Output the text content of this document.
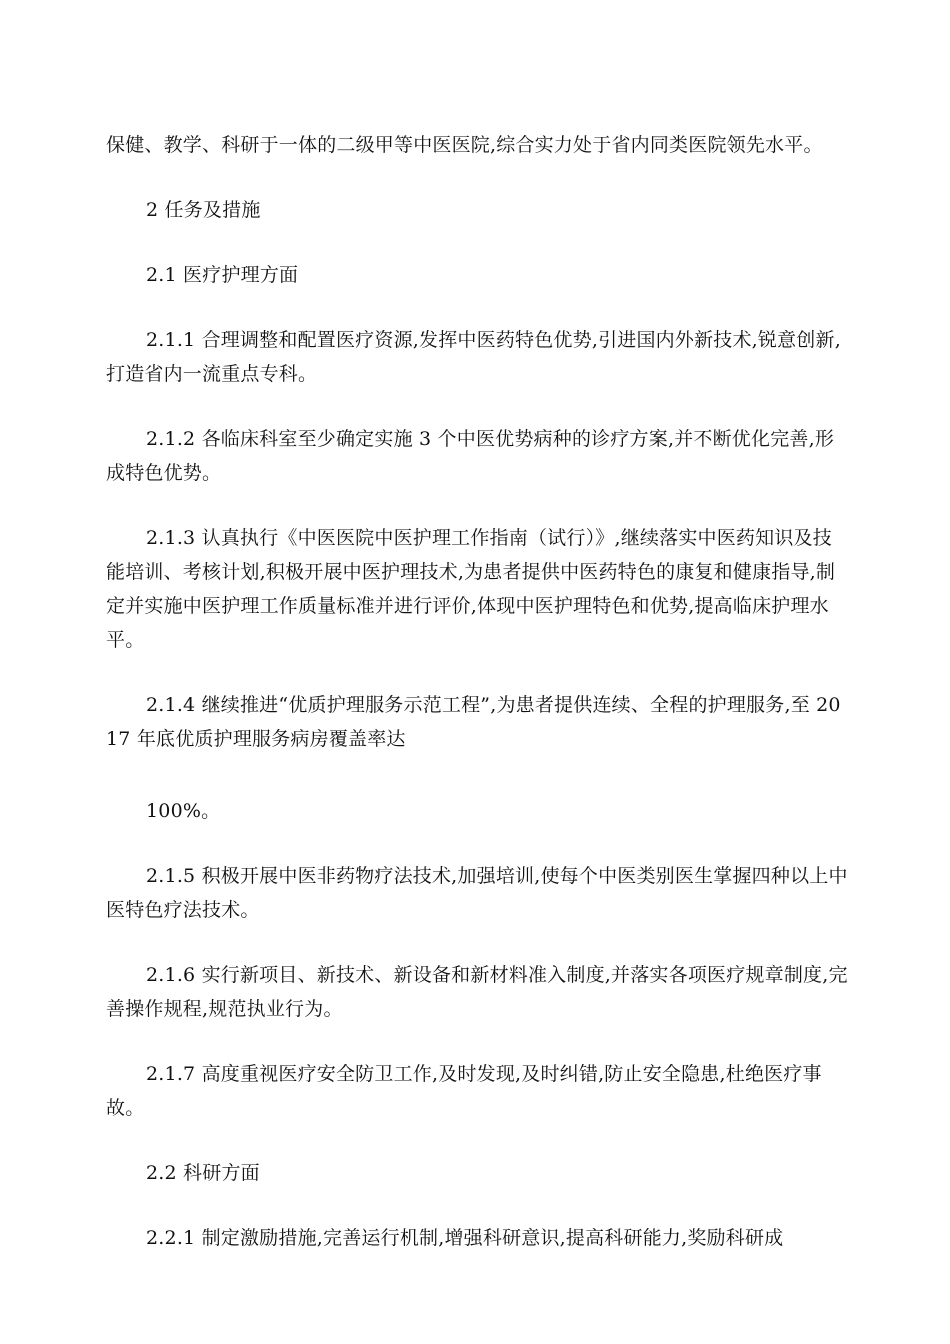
保健、教学、科研于一体的二级甲等中医医院,综合实力处于省内同类医院领先水平。

2 任务及措施

2.1 医疗护理方面

2.1.1 合理调整和配置医疗资源,发挥中医药特色优势,引进国内外新技术,锐意创新,打造省内一流重点专科。

2.1.2 各临床科室至少确定实施 3 个中医优势病种的诊疗方案,并不断优化完善,形成特色优势。

2.1.3 认真执行《中医医院中医护理工作指南（试行）》,继续落实中医药知识及技能培训、考核计划,积极开展中医护理技术,为患者提供中医药特色的康复和健康指导,制定并实施中医护理工作质量标准并进行评价,体现中医护理特色和优势,提高临床护理水平。

2.1.4 继续推进“优质护理服务示范工程”,为患者提供连续、全程的护理服务,至 2017 年底优质护理服务病房覆盖率达

100%。

2.1.5 积极开展中医非药物疗法技术,加强培训,使每个中医类别医生掌握四种以上中医特色疗法技术。

2.1.6 实行新项目、新技术、新设备和新材料准入制度,并落实各项医疗规章制度,完善操作规程,规范执业行为。

2.1.7 高度重视医疗安全防卫工作,及时发现,及时纠错,防止安全隐患,杜绝医疗事故。

2.2 科研方面

2.2.1 制定激励措施,完善运行机制,增强科研意识,提高科研能力,奖励科研成
